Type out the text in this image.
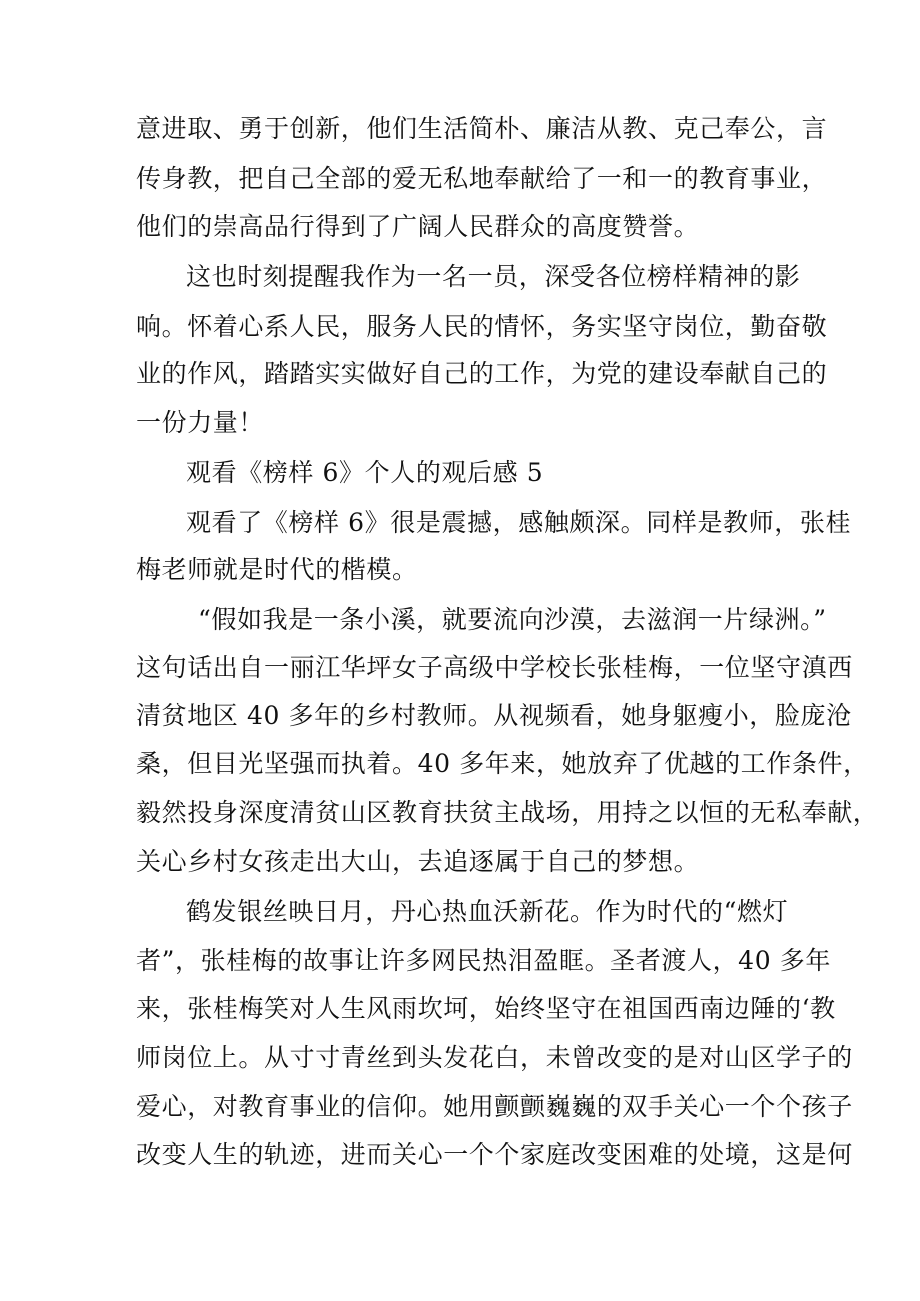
意进取、勇于创新，他们生活简朴、廉洁从教、克己奉公，言

传身教，把自己全部的爱无私地奉献给了一和一的教育事业，

他们的崇高品行得到了广阔人民群众的高度赞誉。

这也时刻提醒我作为一名一员，深受各位榜样精神的影

响。怀着心系人民，服务人民的情怀，务实坚守岗位，勤奋敬

业的作风，踏踏实实做好自己的工作，为党的建设奉献自己的

一份力量！

观看《榜样 6》个人的观后感 5

观看了《榜样 6》很是震撼，感触颇深。同样是教师，张桂

梅老师就是时代的楷模。

“假如我是一条小溪，就要流向沙漠，去滋润一片绿洲。”

这句话出自一丽江华坪女子高级中学校长张桂梅，一位坚守滇西

清贫地区 40 多年的乡村教师。从视频看，她身躯瘦小，脸庞沧

桑，但目光坚强而执着。40 多年来，她放弃了优越的工作条件，

毅然投身深度清贫山区教育扶贫主战场，用持之以恒的无私奉献，

关心乡村女孩走出大山，去追逐属于自己的梦想。

鹤发银丝映日月，丹心热血沃新花。作为时代的“燃灯

者”，张桂梅的故事让许多网民热泪盈眶。圣者渡人，40 多年

来，张桂梅笑对人生风雨坎坷，始终坚守在祖国西南边陲的‘教

师岗位上。从寸寸青丝到头发花白，未曾改变的是对山区学子的

爱心，对教育事业的信仰。她用颤颤巍巍的双手关心一个个孩子

改变人生的轨迹，进而关心一个个家庭改变困难的处境，这是何
